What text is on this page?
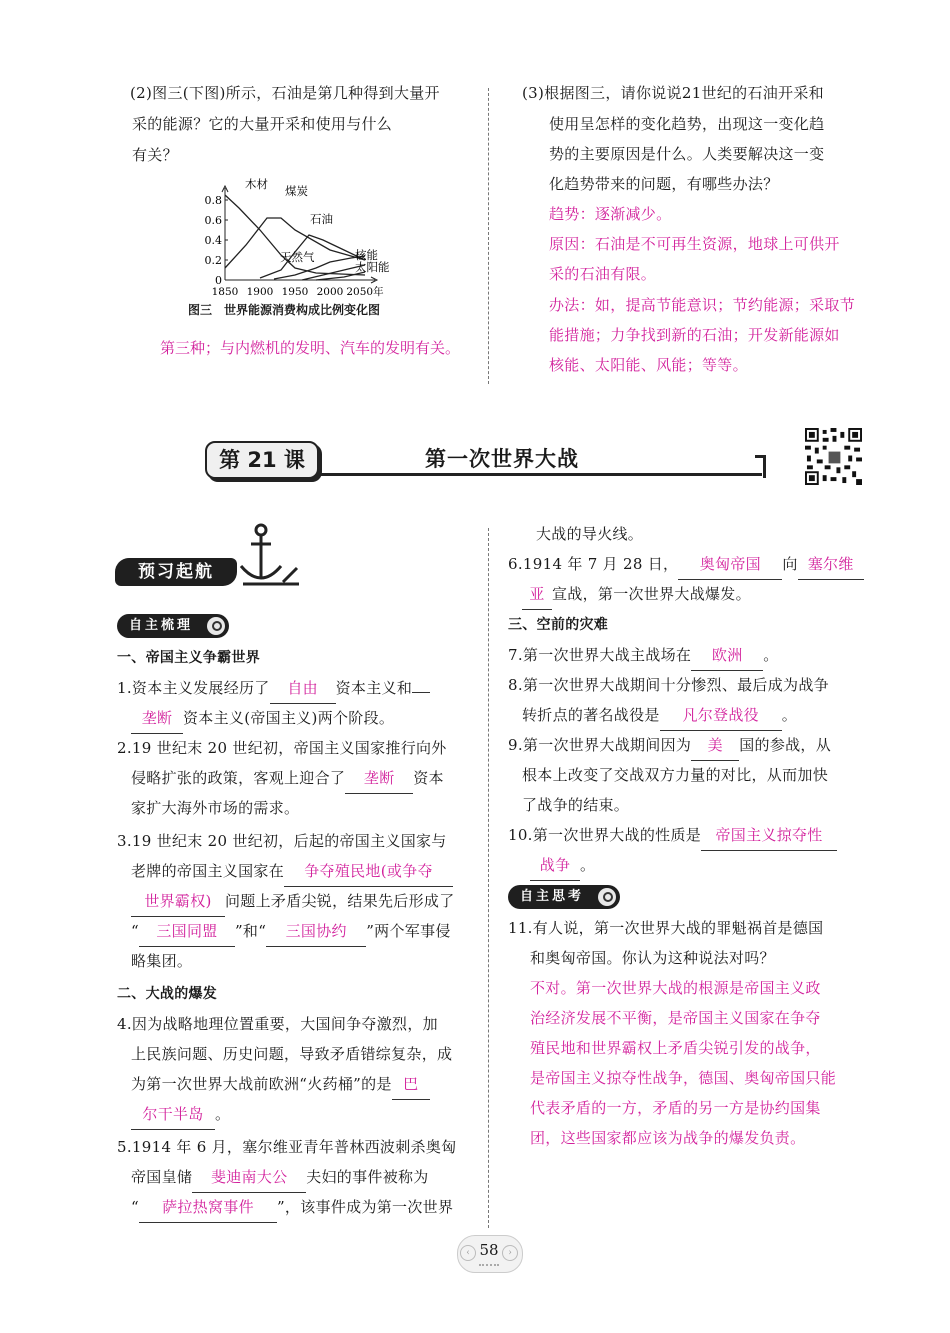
(2)图三(下图)所示，石油是第几种得到大量开
采的能源？它的大量开采和使用与什么
有关？
0
0.2
0.4
0.6
0.8
1850 1900 1950 2000 2050年
木材 煤炭
石油
天然气	核能
太阳能
图三　世界能源消费构成比例变化图
第三种；与内燃机的发明、汽车的发明有关。
(3)根据图三，请你说说21世纪的石油开采和
使用呈怎样的变化趋势，出现这一变化趋
势的主要原因是什么。人类要解决这一变
化趋势带来的问题，有哪些办法？
趋势：逐渐减少。
原因：石油是不可再生资源，地球上可供开
采的石油有限。
办法：如，提高节能意识；节约能源；采取节
能措施；力争找到新的石油；开发新能源如
核能、太阳能、风能；等等。
第 21 课	第一次世界大战
预习起航
自主梳理
一、帝国主义争霸世界
1.资本主义发展经历了 自由 资本主义和
垄断 资本主义(帝国主义)两个阶段。
2.19 世纪末 20 世纪初，帝国主义国家推行向外
侵略扩张的政策，客观上迎合了 垄断 资本
家扩大海外市场的需求。
3.19 世纪末 20 世纪初，后起的帝国主义国家与
老牌的帝国主义国家在 争夺殖民地(或争夺
世界霸权) 问题上矛盾尖锐，结果先后形成了
“ 三国同盟 ”和“ 三国协约 ”两个军事侵
略集团。
二、大战的爆发
4.因为战略地理位置重要，大国间争夺激烈，加
上民族问题、历史问题，导致矛盾错综复杂，成
为第一次世界大战前欧洲“火药桶”的是 巴
尔干半岛 。
5.1914 年 6 月，塞尔维亚青年普林西波刺杀奥匈
帝国皇储 斐迪南大公 夫妇的事件被称为
“ 萨拉热窝事件 ”，该事件成为第一次世界
大战的导火线。
6.1914 年 7 月 28 日， 奥匈帝国 向 塞尔维
亚 宣战，第一次世界大战爆发。
三、空前的灾难
7.第一次世界大战主战场在 欧洲 。
8.第一次世界大战期间十分惨烈、最后成为战争
转折点的著名战役是 凡尔登战役 。
9.第一次世界大战期间因为 美 国的参战，从
根本上改变了交战双方力量的对比，从而加快
了战争的结束。
10.第一次世界大战的性质是 帝国主义掠夺性
战争 。
自主思考
11.有人说，第一次世界大战的罪魁祸首是德国
和奥匈帝国。你认为这种说法对吗？
不对。第一次世界大战的根源是帝国主义政
治经济发展不平衡，是帝国主义国家在争夺
殖民地和世界霸权上矛盾尖锐引发的战争，
是帝国主义掠夺性战争，德国、奥匈帝国只能
代表矛盾的一方，矛盾的另一方是协约国集
团，这些国家都应该为战争的爆发负责。
‹	›
58
